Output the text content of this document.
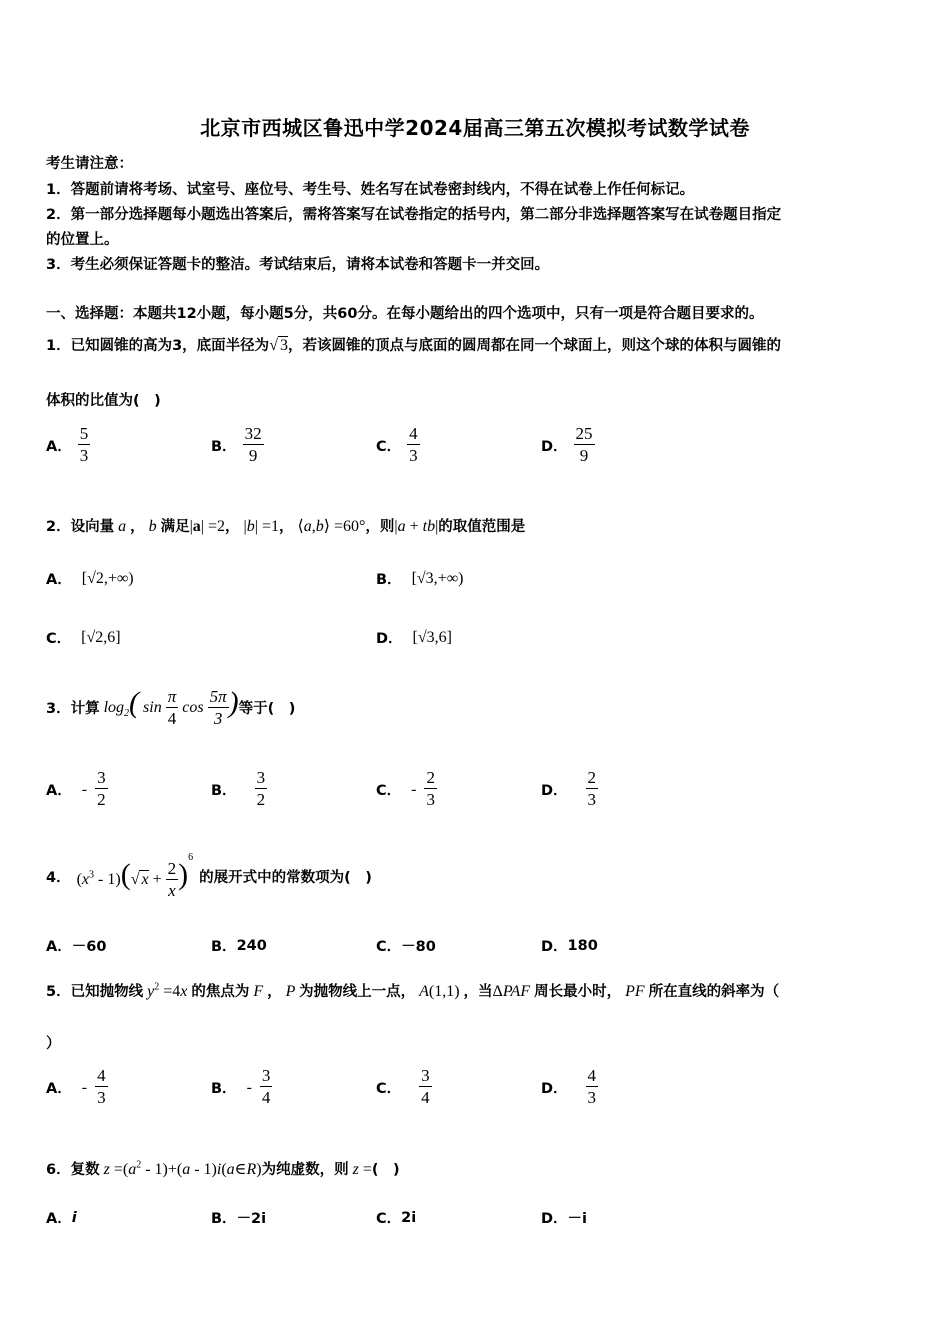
北京市西城区鲁迅中学2024届高三第五次模拟考试数学试卷
考生请注意：
1．答题前请将考场、试室号、座位号、考生号、姓名写在试卷密封线内，不得在试卷上作任何标记。
2．第一部分选择题每小题选出答案后，需将答案写在试卷指定的括号内，第二部分非选择题答案写在试卷题目指定
的位置上。
3．考生必须保证答题卡的整洁。考试结束后，请将本试卷和答题卡一并交回。
一、选择题：本题共12小题，每小题5分，共60分。在每小题给出的四个选项中，只有一项是符合题目要求的。
1．已知圆锥的高为3，底面半径为√ 3，若该圆锥的顶点与底面的圆周都在同一个球面上，则这个球的体积与圆锥的
体积的比值为(　)
A． $\frac{5}{3}$	B． $\frac{32}{9}$	C． $\frac{4}{3}$	D． $\frac{25}{9}$
2．设向量 a ， b 满足|a| =2， |b| =1， ⟨a,b⟩ =60°，则|a + tb|的取值范围是
A． [√2,+∞)	B． [√3,+∞)
C． [√2,6]	D． [√3,6]
3．计算 $\log_2$( $\sin \frac{\pi}{4}$ $\cos \frac{5\pi}{3}$ ) 等于(　)
A． - $\frac{3}{2}$	B． $\frac{3}{2}$	C． - $\frac{2}{3}$	D． $\frac{2}{3}$
4． $(x^3 - 1)(√$ $x + \frac{2}{x} )^6$
的展开式中的常数项为(　)
A． －60	B． 240	C． －80	D． 180
5．已知抛物线 $y^2 =4x$ 的焦点为 F ， P 为抛物线上一点， A(1,1) ，当ΔPAF 周长最小时， PF 所在直线的斜率为（
）
A． - $\frac{4}{3}$	B． - $\frac{3}{4}$	C． $\frac{3}{4}$	D． $\frac{4}{3}$
6．复数 $z =(a^2 - 1)+(a$ - 1)i(a∈R)为纯虚数，则 z =(　)
A． i	B． －2i	C． 2i	D． －i
